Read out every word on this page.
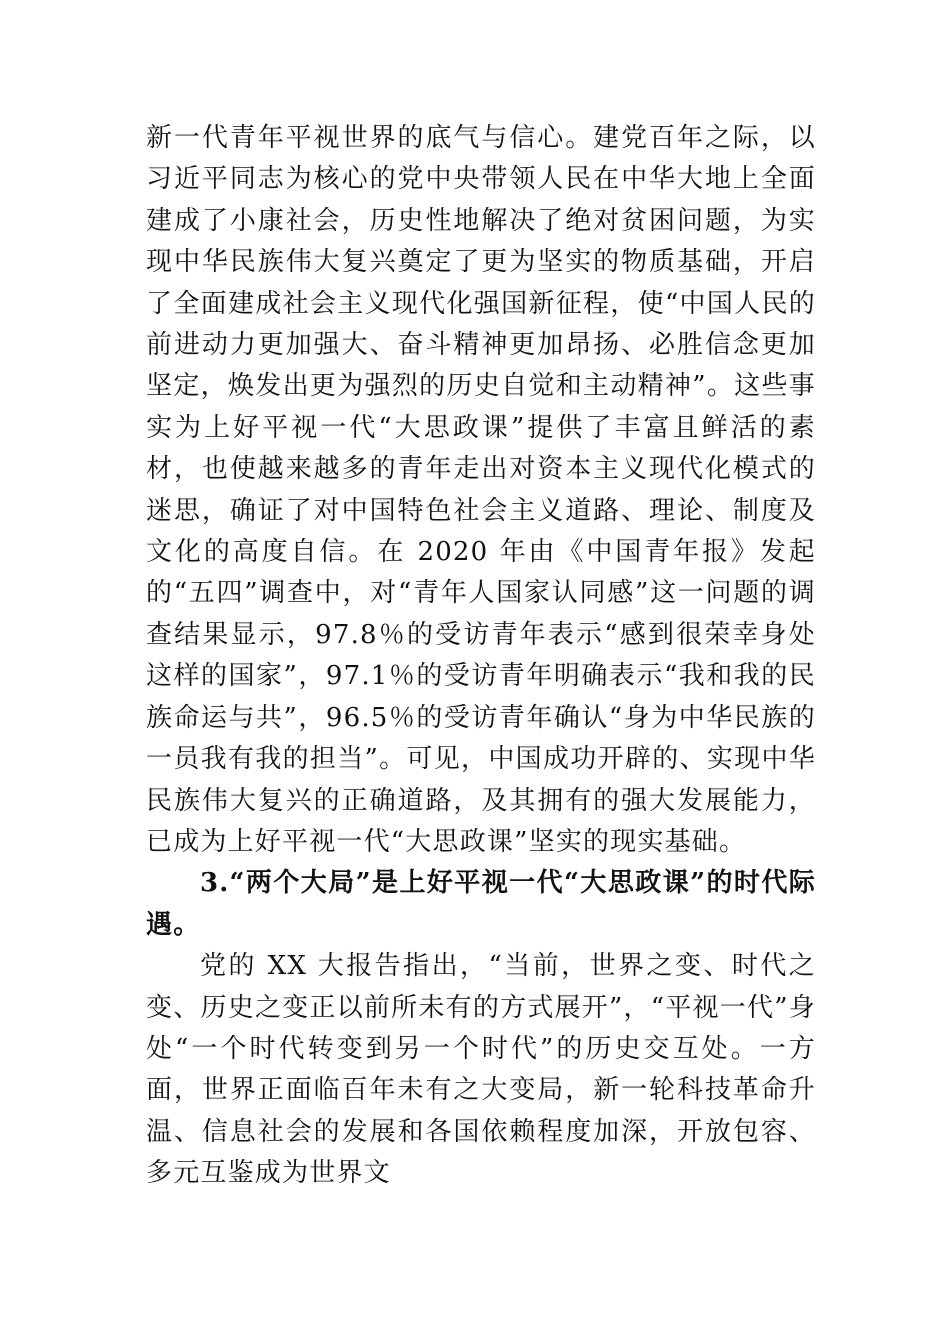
新一代青年平视世界的底气与信心。建党百年之际，以习近平同志为核心的党中央带领人民在中华大地上全面建成了小康社会，历史性地解决了绝对贫困问题，为实现中华民族伟大复兴奠定了更为坚实的物质基础，开启了全面建成社会主义现代化强国新征程，使“中国人民的前进动力更加强大、奋斗精神更加昂扬、必胜信念更加坚定，焕发出更为强烈的历史自觉和主动精神”。这些事实为上好平视一代“大思政课”提供了丰富且鲜活的素材，也使越来越多的青年走出对资本主义现代化模式的迷思，确证了对中国特色社会主义道路、理论、制度及文化的高度自信。在 2020 年由《中国青年报》发起的“五四”调查中，对“青年人国家认同感”这一问题的调查结果显示，97.8％的受访青年表示“感到很荣幸身处这样的国家”，97.1％的受访青年明确表示“我和我的民族命运与共”，96.5％的受访青年确认“身为中华民族的一员我有我的担当”。可见，中国成功开辟的、实现中华民族伟大复兴的正确道路，及其拥有的强大发展能力，已成为上好平视一代“大思政课”坚实的现实基础。

3.“两个大局”是上好平视一代“大思政课”的时代际遇。

党的 XX 大报告指出，“当前，世界之变、时代之变、历史之变正以前所未有的方式展开”，“平视一代”身处“一个时代转变到另一个时代”的历史交互处。一方面，世界正面临百年未有之大变局，新一轮科技革命升温、信息社会的发展和各国依赖程度加深，开放包容、多元互鉴成为世界文
